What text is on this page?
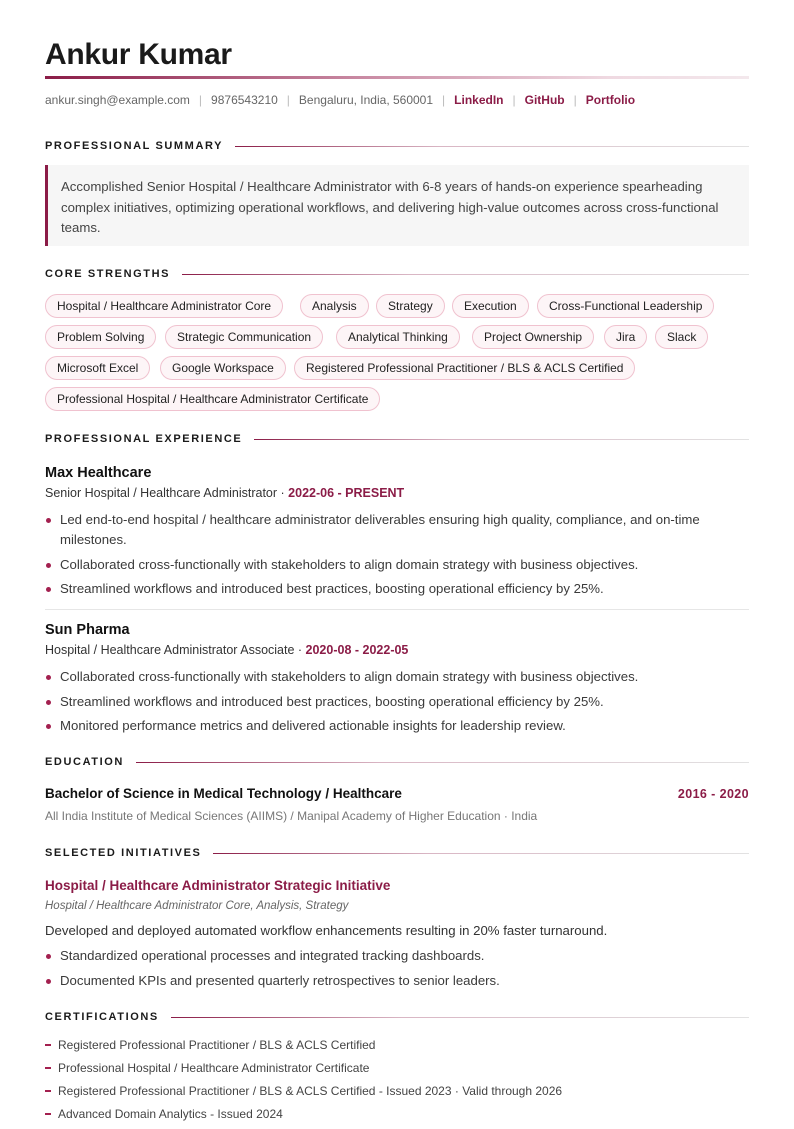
Ankur Kumar
ankur.singh@example.com | 9876543210 | Bengaluru, India, 560001 | LinkedIn | GitHub | Portfolio
PROFESSIONAL SUMMARY
Accomplished Senior Hospital / Healthcare Administrator with 6-8 years of hands-on experience spearheading complex initiatives, optimizing operational workflows, and delivering high-value outcomes across cross-functional teams.
CORE STRENGTHS
Hospital / Healthcare Administrator Core	Analysis	Strategy	Execution	Cross-Functional Leadership
Problem Solving	Strategic Communication	Analytical Thinking	Project Ownership	Jira	Slack
Microsoft Excel	Google Workspace	Registered Professional Practitioner / BLS & ACLS Certified
Professional Hospital / Healthcare Administrator Certificate
PROFESSIONAL EXPERIENCE
Max Healthcare
Senior Hospital / Healthcare Administrator · 2022-06 - PRESENT
Led end-to-end hospital / healthcare administrator deliverables ensuring high quality, compliance, and on-time milestones.
Collaborated cross-functionally with stakeholders to align domain strategy with business objectives.
Streamlined workflows and introduced best practices, boosting operational efficiency by 25%.
Sun Pharma
Hospital / Healthcare Administrator Associate · 2020-08 - 2022-05
Collaborated cross-functionally with stakeholders to align domain strategy with business objectives.
Streamlined workflows and introduced best practices, boosting operational efficiency by 25%.
Monitored performance metrics and delivered actionable insights for leadership review.
EDUCATION
Bachelor of Science in Medical Technology / Healthcare	2016 - 2020
All India Institute of Medical Sciences (AIIMS) / Manipal Academy of Higher Education · India
SELECTED INITIATIVES
Hospital / Healthcare Administrator Strategic Initiative
Hospital / Healthcare Administrator Core, Analysis, Strategy
Developed and deployed automated workflow enhancements resulting in 20% faster turnaround.
Standardized operational processes and integrated tracking dashboards.
Documented KPIs and presented quarterly retrospectives to senior leaders.
CERTIFICATIONS
Registered Professional Practitioner / BLS & ACLS Certified
Professional Hospital / Healthcare Administrator Certificate
Registered Professional Practitioner / BLS & ACLS Certified - Issued 2023 · Valid through 2026
Advanced Domain Analytics - Issued 2024
